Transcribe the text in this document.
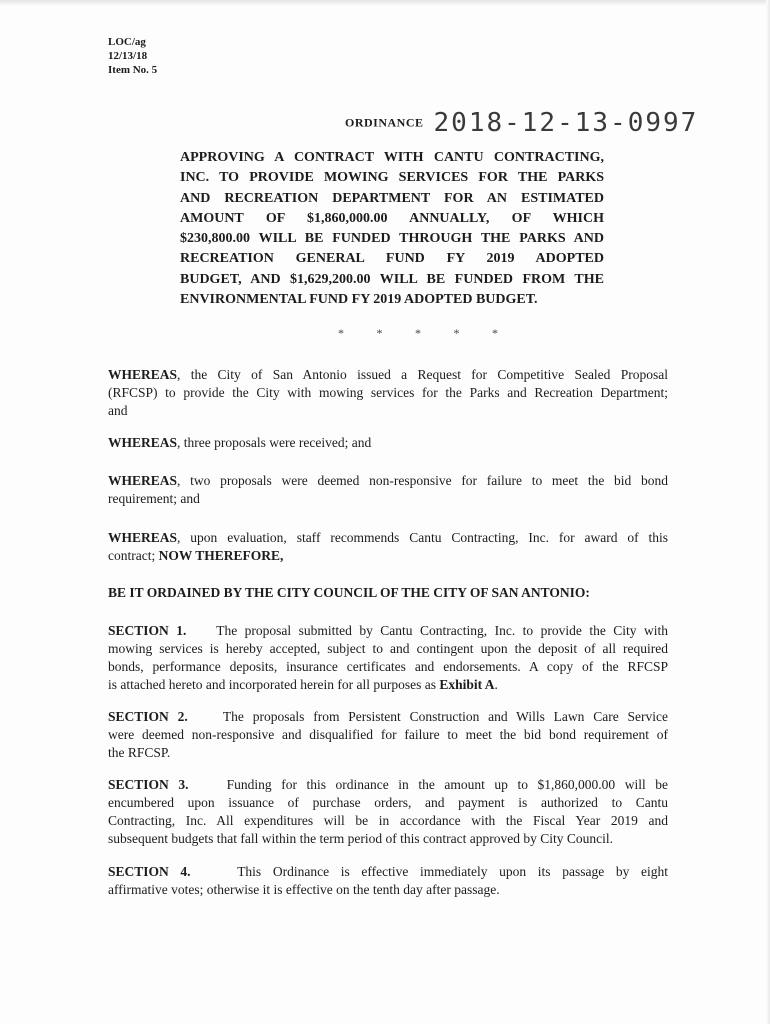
LOC/ag
12/13/18
Item No. 5
ORDINANCE 2018-12-13-0997
APPROVING A CONTRACT WITH CANTU CONTRACTING,
INC. TO PROVIDE MOWING SERVICES FOR THE PARKS
AND RECREATION DEPARTMENT FOR AN ESTIMATED
AMOUNT OF $1,860,000.00 ANNUALLY, OF WHICH
$230,800.00 WILL BE FUNDED THROUGH THE PARKS AND
RECREATION GENERAL FUND FY 2019 ADOPTED
BUDGET, AND $1,629,200.00 WILL BE FUNDED FROM THE
ENVIRONMENTAL FUND FY 2019 ADOPTED BUDGET.
*	*	*	*	*
WHEREAS, the City of San Antonio issued a Request for Competitive Sealed Proposal
(RFCSP) to provide the City with mowing services for the Parks and Recreation Department;
and
WHEREAS, three proposals were received; and
WHEREAS, two proposals were deemed non-responsive for failure to meet the bid bond
requirement; and
WHEREAS, upon evaluation, staff recommends Cantu Contracting, Inc. for award of this
contract; NOW THEREFORE,
BE IT ORDAINED BY THE CITY COUNCIL OF THE CITY OF SAN ANTONIO:
SECTION 1. The proposal submitted by Cantu Contracting, Inc. to provide the City with
mowing services is hereby accepted, subject to and contingent upon the deposit of all required
bonds, performance deposits, insurance certificates and endorsements. A copy of the RFCSP
is attached hereto and incorporated herein for all purposes as Exhibit A.
SECTION 2.	The proposals from Persistent Construction and Wills Lawn Care Service
were deemed non-responsive and disqualified for failure to meet the bid bond requirement of
the RFCSP.
SECTION 3.	Funding for this ordinance in the amount up to $1,860,000.00 will be
encumbered upon issuance of purchase orders, and payment is authorized to Cantu
Contracting, Inc. All expenditures will be in accordance with the Fiscal Year 2019 and
subsequent budgets that fall within the term period of this contract approved by City Council.
SECTION 4.	This Ordinance is effective immediately upon its passage by eight
affirmative votes; otherwise it is effective on the tenth day after passage.
